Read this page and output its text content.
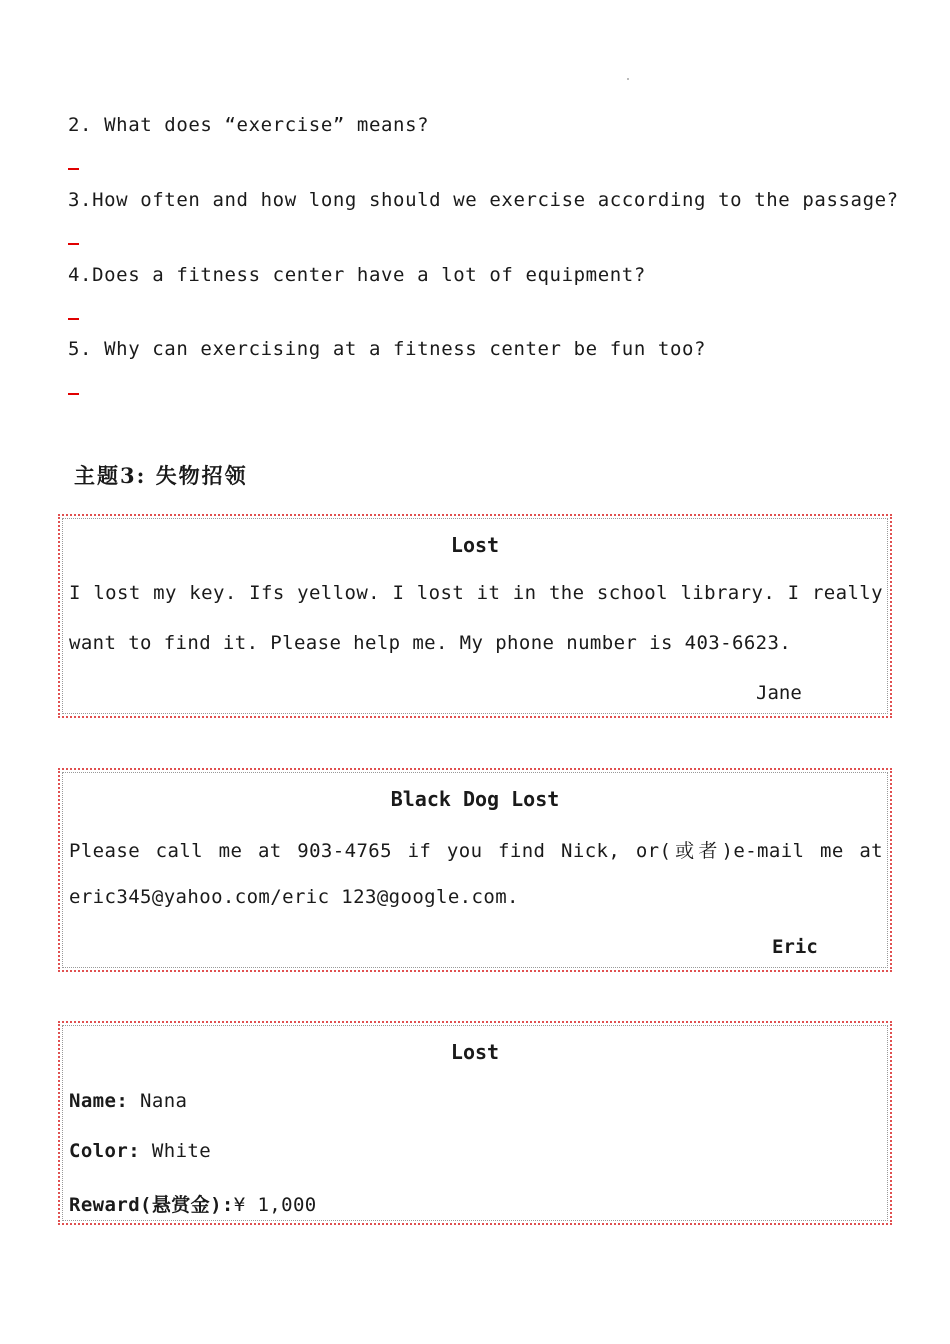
2. What does “exercise” means?
3.How often and how long should we exercise according to the passage?
4.Does a fitness center have a lot of equipment?
5. Why can exercising at a fitness center be fun too?
主题3: 失物招领
Lost
I lost my key. Ifs yellow. I lost it in the school library. I really
want to find it. Please help me. My phone number is 403-6623.
Jane
Black Dog Lost
Please call me at 903-4765 if you find Nick, or(或者)e-mail me at
eric345@yahoo.com/eric 123@google.com.
Eric
Lost
Name: Nana
Color: White
Reward(悬赏金):¥ 1,000
